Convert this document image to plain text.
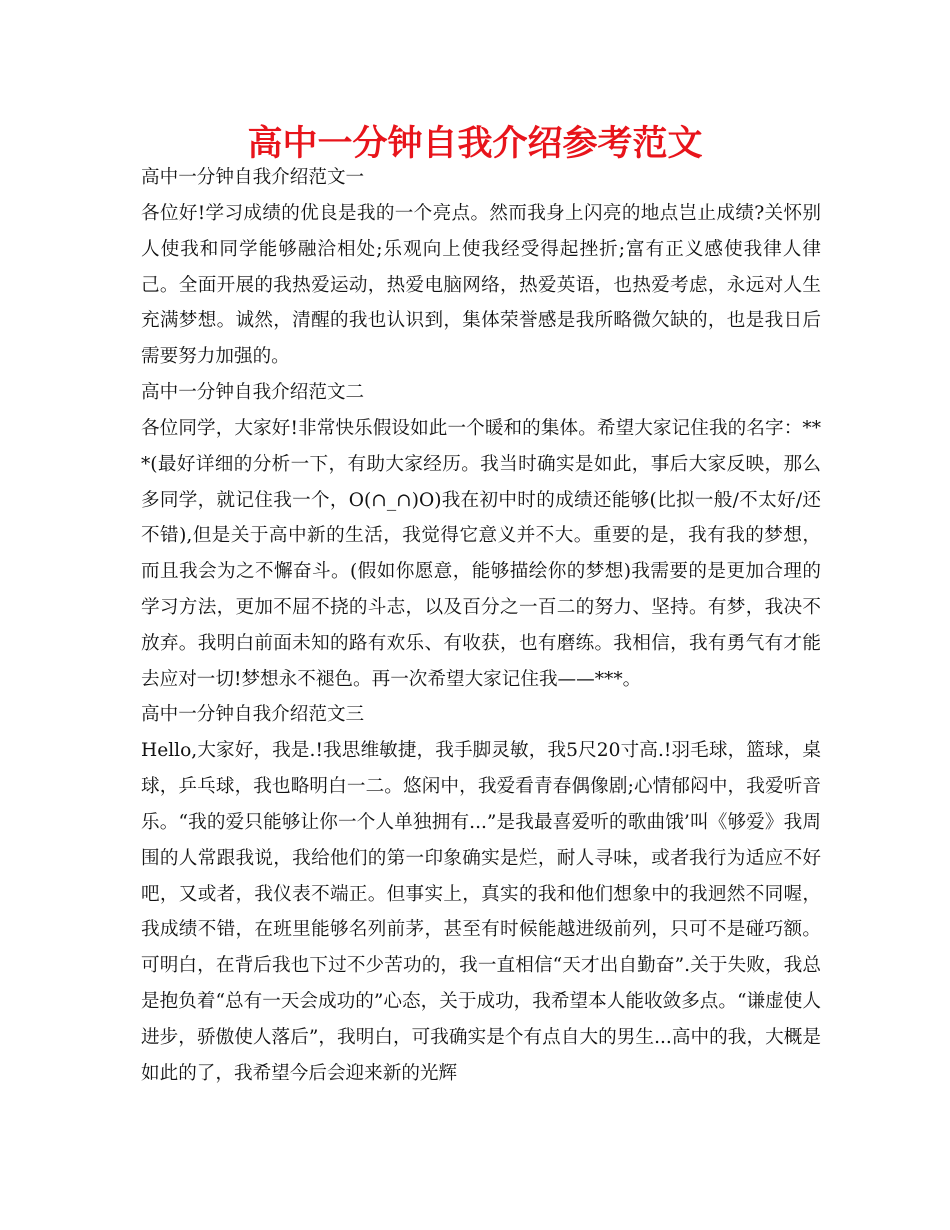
高中一分钟自我介绍参考范文

高中一分钟自我介绍范文一

各位好!学习成绩的优良是我的一个亮点。然而我身上闪亮的地点岂止成绩?关怀别人使我和同学能够融洽相处;乐观向上使我经受得起挫折;富有正义感使我律人律己。全面开展的我热爱运动，热爱电脑网络，热爱英语，也热爱考虑，永远对人生充满梦想。诚然，清醒的我也认识到，集体荣誉感是我所略微欠缺的，也是我日后需要努力加强的。

高中一分钟自我介绍范文二

各位同学，大家好!非常快乐假设如此一个暖和的集体。希望大家记住我的名字：***(最好详细的分析一下，有助大家经历。我当时确实是如此，事后大家反映，那么多同学，就记住我一个，O(∩_∩)O)我在初中时的成绩还能够(比拟一般/不太好/还不错),但是关于高中新的生活，我觉得它意义并不大。重要的是，我有我的梦想，而且我会为之不懈奋斗。(假如你愿意，能够描绘你的梦想)我需要的是更加合理的学习方法，更加不屈不挠的斗志，以及百分之一百二的努力、坚持。有梦，我决不放弃。我明白前面未知的路有欢乐、有收获，也有磨练。我相信，我有勇气有才能去应对一切!梦想永不褪色。再一次希望大家记住我——***。

高中一分钟自我介绍范文三

Hello,大家好，我是.!我思维敏捷，我手脚灵敏，我5尺20寸高.!羽毛球，篮球，桌球，乒乓球，我也略明白一二。悠闲中，我爱看青春偶像剧;心情郁闷中，我爱听音乐。“我的爱只能够让你一个人单独拥有...”是我最喜爱听的歌曲饿’叫《够爱》我周围的人常跟我说，我给他们的第一印象确实是烂，耐人寻味，或者我行为适应不好吧，又或者，我仪表不端正。但事实上，真实的我和他们想象中的我迥然不同喔，我成绩不错，在班里能够名列前茅，甚至有时候能越进级前列，只可不是碰巧额。可明白，在背后我也下过不少苦功的，我一直相信“天才出自勤奋”.关于失败，我总是抱负着“总有一天会成功的”心态，关于成功，我希望本人能收敛多点。“谦虚使人进步，骄傲使人落后”，我明白，可我确实是个有点自大的男生...高中的我，大概是如此的了，我希望今后会迎来新的光辉
